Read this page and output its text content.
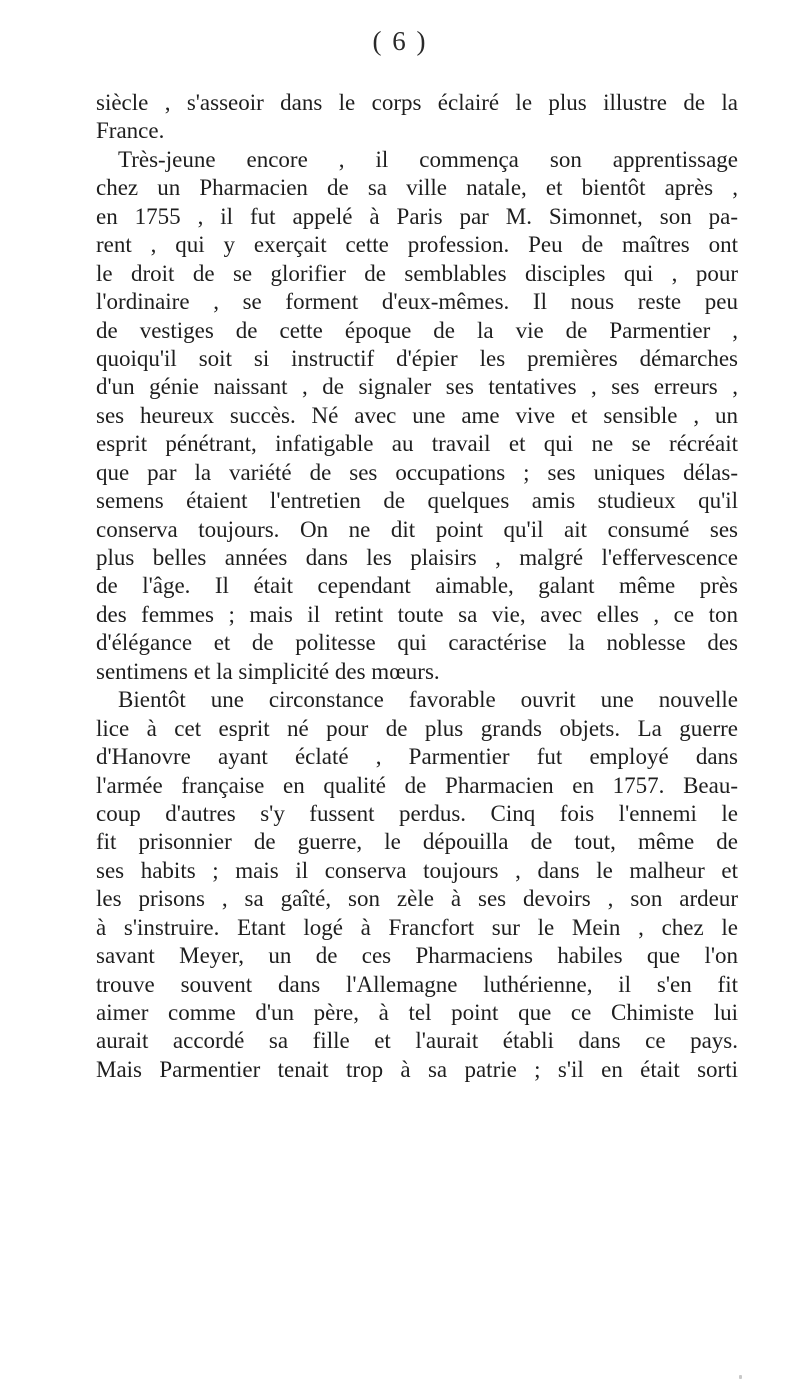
( 6 )
siècle , s'asseoir dans le corps éclairé le plus illustre de la
France.
Très-jeune encore , il commença son apprentissage
chez un Pharmacien de sa ville natale, et bientôt après ,
en 1755 , il fut appelé à Paris par M. Simonnet, son pa-
rent , qui y exerçait cette profession. Peu de maîtres ont
le droit de se glorifier de semblables disciples qui , pour
l'ordinaire , se forment d'eux-mêmes. Il nous reste peu
de vestiges de cette époque de la vie de Parmentier ,
quoiqu'il soit si instructif d'épier les premières démarches
d'un génie naissant , de signaler ses tentatives , ses erreurs ,
ses heureux succès. Né avec une ame vive et sensible , un
esprit pénétrant, infatigable au travail et qui ne se récréait
que par la variété de ses occupations ; ses uniques délas-
semens étaient l'entretien de quelques amis studieux qu'il
conserva toujours. On ne dit point qu'il ait consumé ses
plus belles années dans les plaisirs , malgré l'effervescence
de l'âge. Il était cependant aimable, galant même près
des femmes ; mais il retint toute sa vie, avec elles , ce ton
d'élégance et de politesse qui caractérise la noblesse des
sentimens et la simplicité des mœurs.
Bientôt une circonstance favorable ouvrit une nouvelle
lice à cet esprit né pour de plus grands objets. La guerre
d'Hanovre ayant éclaté , Parmentier fut employé dans
l'armée française en qualité de Pharmacien en 1757. Beau-
coup d'autres s'y fussent perdus. Cinq fois l'ennemi le
fit prisonnier de guerre, le dépouilla de tout, même de
ses habits ; mais il conserva toujours , dans le malheur et
les prisons , sa gaîté, son zèle à ses devoirs , son ardeur
à s'instruire. Etant logé à Francfort sur le Mein , chez le
savant Meyer, un de ces Pharmaciens habiles que l'on
trouve souvent dans l'Allemagne luthérienne, il s'en fit
aimer comme d'un père, à tel point que ce Chimiste lui
aurait accordé sa fille et l'aurait établi dans ce pays.
Mais Parmentier tenait trop à sa patrie ; s'il en était sorti
